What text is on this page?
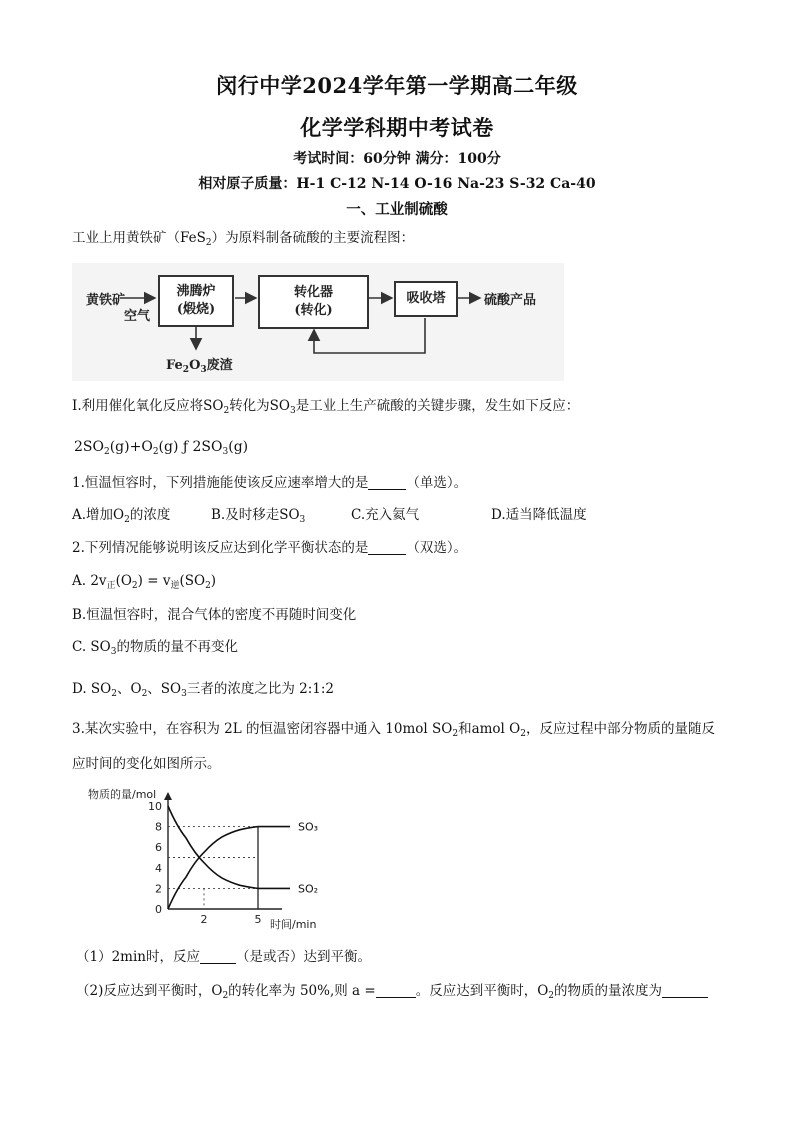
闵行中学2024学年第一学期高二年级
化学学科期中考试卷
考试时间：60分钟 满分：100分
相对原子质量：H-1 C-12 N-14 O-16 Na-23 S-32 Ca-40
一、工业制硫酸
工业上用黄铁矿（FeS$_2$）为原料制备硫酸的主要流程图：
黄铁矿
空气
沸腾炉
(煅烧)
转化器
(转化)
吸收塔	硫酸产品
$Fe_2O_3$废渣
I.利用催化氧化反应将$SO_2$转化为$SO_3$是工业上生产硫酸的关键步骤，发生如下反应：
$2SO_2(g)+O_2(g)$ ƒ $2SO_3(g)$
1.恒温恒容时，下列措施能使该反应速率增大的是	（单选）。
A.增加$O_2$的浓度	B.及时移走$SO_3$	C.充入氦气	D.适当降低温度
2.下列情况能够说明该反应达到化学平衡状态的是	（双选）。
A. $2v_正(O_2) = v_逆(SO_2)$
B.恒温恒容时，混合气体的密度不再随时间变化
C. $SO_3$的物质的量不再变化
D. $SO_2$、$O_2$、$SO_3$三者的浓度之比为 2:1:2
3.某次实验中，在容积为 2L 的恒温密闭容器中通入 10mol $SO_2$和amol $O_2$，反应过程中部分物质的量随反
应时间的变化如图所示。
物质的量/mol
时间/min
10
8
6
4
2
0
2	5
SO₃
SO₂
（1）2min时，反应	（是或否）达到平衡。
（2)反应达到平衡时，$O_2$的转化率为 50%,则 a =	。反应达到平衡时，$O_2$的物质的量浓度为
